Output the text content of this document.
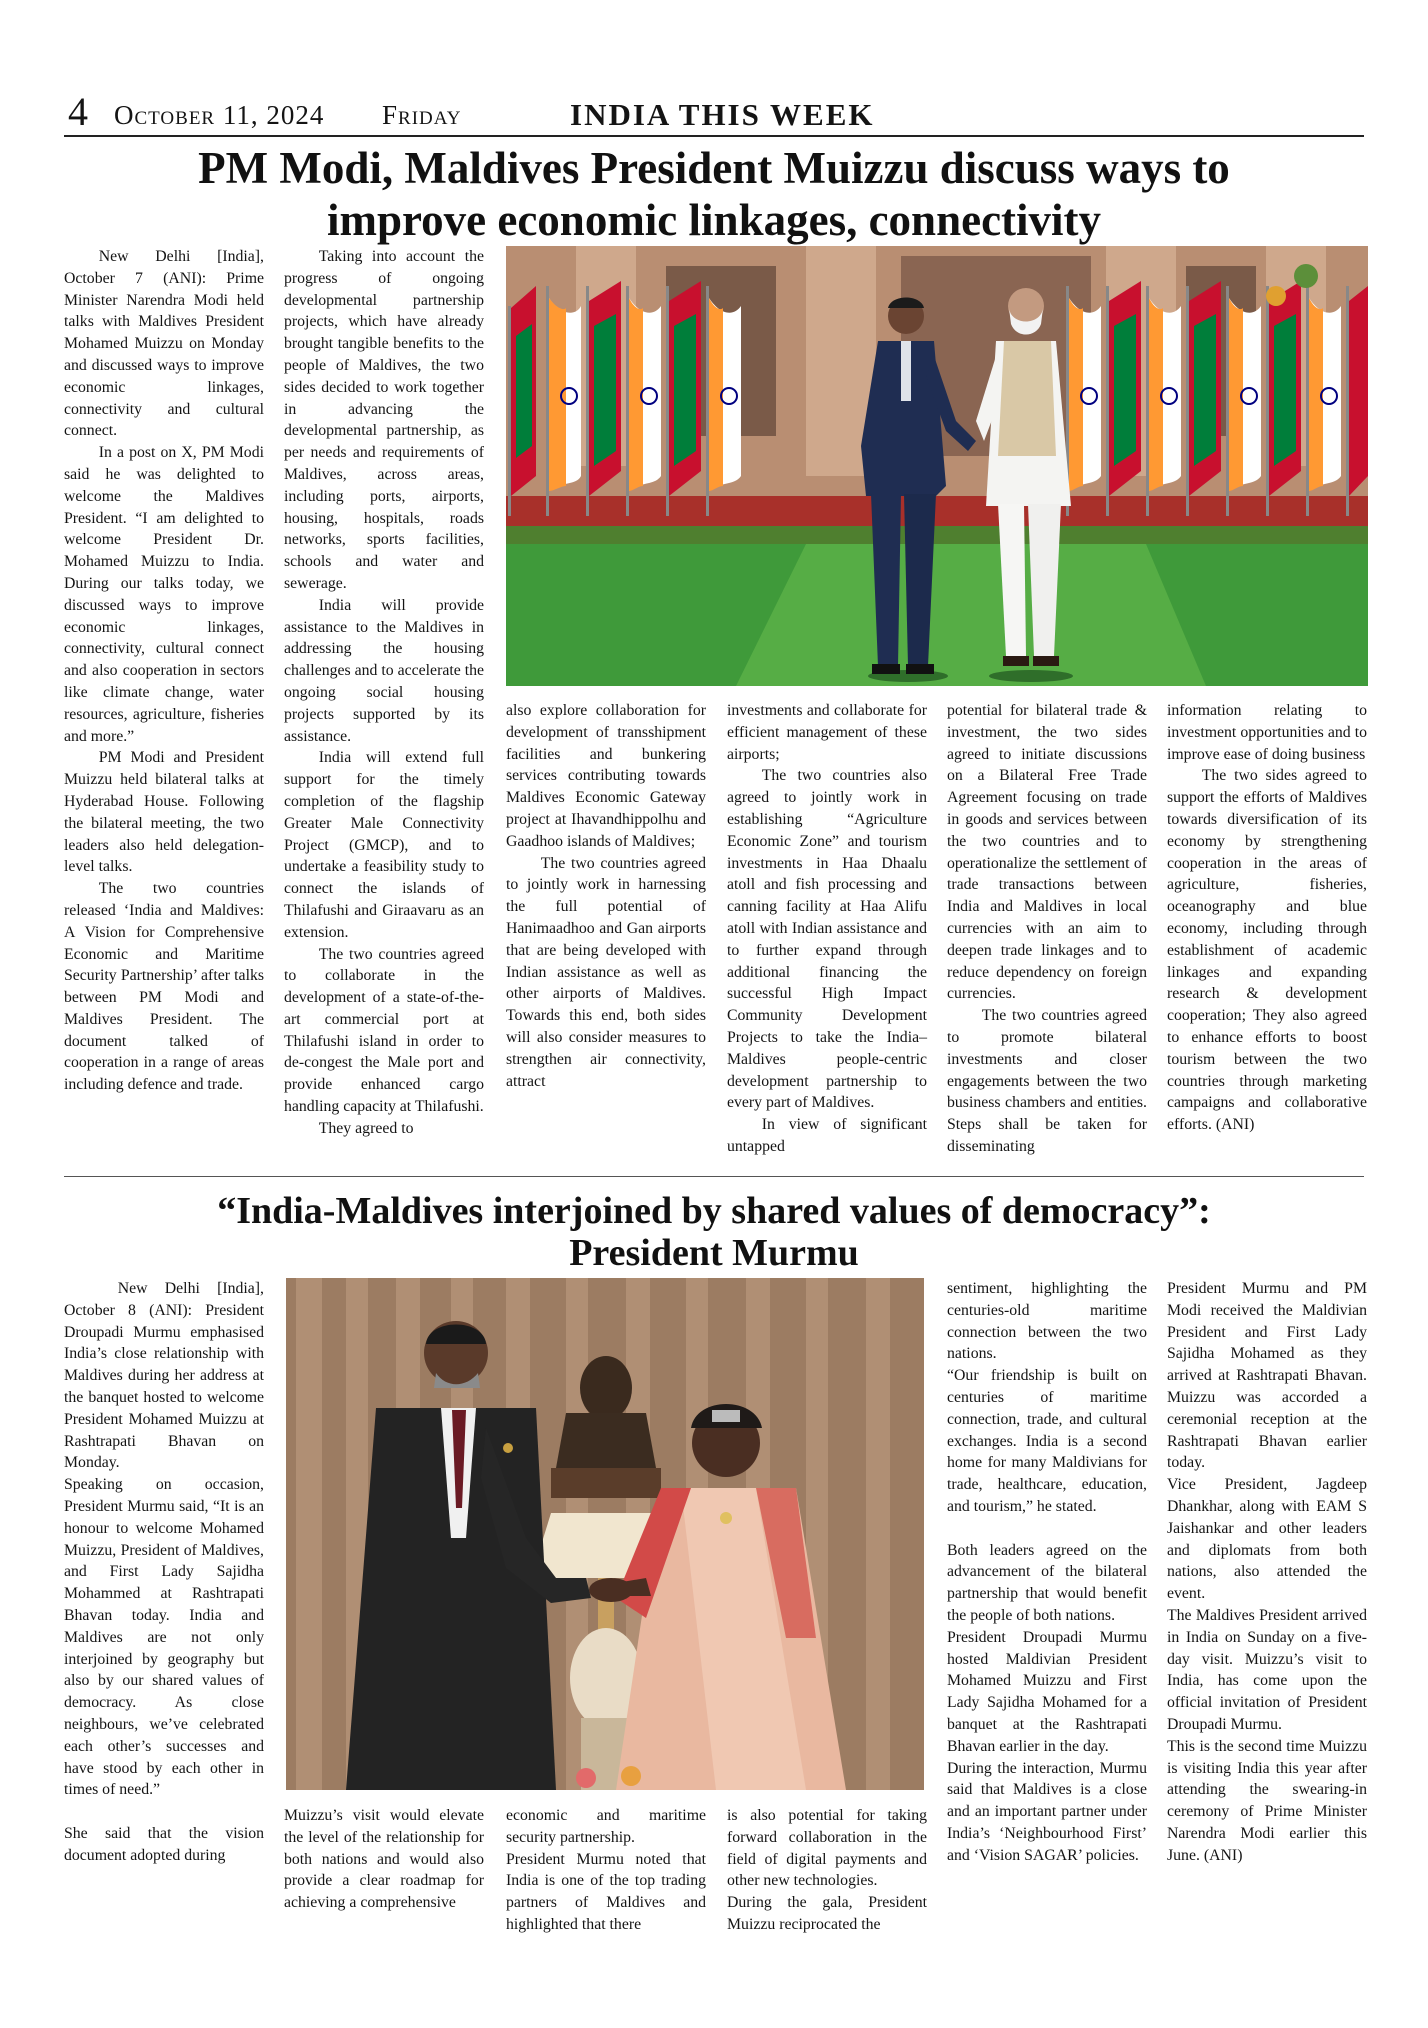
4 October 11, 2024 Friday	INDIA THIS WEEK
PM Modi, Maldives President Muizzu discuss ways to
improve economic linkages, connectivity

New Delhi [India], October 7 (ANI): Prime Minister Narendra Modi held talks with Maldives President Mohamed Muizzu on Monday and discussed ways to improve economic linkages, connectivity and cultural connect.

In a post on X, PM Modi said he was delighted to welcome the Maldives President. “I am delighted to welcome President Dr. Mohamed Muizzu to India. During our talks today, we discussed ways to improve economic linkages, connectivity, cultural connect and also cooperation in sectors like climate change, water resources, agriculture, fisheries and more.”

PM Modi and President Muizzu held bilateral talks at Hyderabad House. Following the bilateral meeting, the two leaders also held delegation-level talks.

The two countries released ‘India and Maldives: A Vision for Comprehensive Economic and Maritime Security Partnership’ after talks between PM Modi and Maldives President. The document talked of cooperation in a range of areas including defence and trade.

Taking into account the progress of ongoing developmental partnership projects, which have already brought tangible benefits to the people of Maldives, the two sides decided to work together in advancing the developmental partnership, as per needs and requirements of Maldives, across areas, including ports, airports, housing, hospitals, roads networks, sports facilities, schools and water and sewerage.

India will provide assistance to the Maldives in addressing the housing challenges and to accelerate the ongoing social housing projects supported by its assistance.

India will extend full support for the timely completion of the flagship Greater Male Connectivity Project (GMCP), and to undertake a feasibility study to connect the islands of Thilafushi and Giraavaru as an extension.

The two countries agreed to collaborate in the development of a state-of-the-art commercial port at Thilafushi island in order to de-congest the Male port and provide enhanced cargo handling capacity at Thilafushi.

They agreed to

also explore collaboration for development of transshipment facilities and bunkering services contributing towards Maldives Economic Gateway project at Ihavandhippolhu and Gaadhoo islands of Maldives;

The two countries agreed to jointly work in harnessing the full potential of Hanimaadhoo and Gan airports that are being developed with Indian assistance as well as other airports of Maldives. Towards this end, both sides will also consider measures to strengthen air connectivity, attract

investments and collaborate for efficient management of these airports;

The two countries also agreed to jointly work in establishing “Agriculture Economic Zone” and tourism investments in Haa Dhaalu atoll and fish processing and canning facility at Haa Alifu atoll with Indian assistance and to further expand through additional financing the successful High Impact Community Development Projects to take the India–Maldives people-centric development partnership to every part of Maldives.

In view of significant untapped

potential for bilateral trade & investment, the two sides agreed to initiate discussions on a Bilateral Free Trade Agreement focusing on trade in goods and services between the two countries and to operationalize the settlement of trade transactions between India and Maldives in local currencies with an aim to deepen trade linkages and to reduce dependency on foreign currencies.

The two countries agreed to promote bilateral investments and closer engagements between the two business chambers and entities. Steps shall be taken for disseminating

information relating to investment opportunities and to improve ease of doing business

The two sides agreed to support the efforts of Maldives towards diversification of its economy by strengthening cooperation in the areas of agriculture, fisheries, oceanography and blue economy, including through establishment of academic linkages and expanding research & development cooperation; They also agreed to enhance efforts to boost tourism between the two countries through marketing campaigns and collaborative efforts. (ANI)

“India-Maldives interjoined by shared values of democracy”:
President Murmu

New Delhi [India], October 8 (ANI): President Droupadi Murmu emphasised India’s close relationship with Maldives during her address at the banquet hosted to welcome President Mohamed Muizzu at Rashtrapati Bhavan on Monday.

Speaking on occasion, President Murmu said, “It is an honour to welcome Mohamed Muizzu, President of Maldives, and First Lady Sajidha Mohammed at Rashtrapati Bhavan today. India and Maldives are not only interjoined by geography but also by our shared values of democracy. As close neighbours, we’ve celebrated each other’s successes and have stood by each other in times of need.”

She said that the vision document adopted during

Muizzu’s visit would elevate the level of the relationship for both nations and would also provide a clear roadmap for achieving a comprehensive

economic and maritime security partnership.

President Murmu noted that India is one of the top trading partners of Maldives and highlighted that there

is also potential for taking forward collaboration in the field of digital payments and other new technologies.

During the gala, President Muizzu reciprocated the

sentiment, highlighting the centuries-old maritime connection between the two nations.

“Our friendship is built on centuries of maritime connection, trade, and cultural exchanges. India is a second home for many Maldivians for trade, healthcare, education, and tourism,” he stated.

Both leaders agreed on the advancement of the bilateral partnership that would benefit the people of both nations.

President Droupadi Murmu hosted Maldivian President Mohamed Muizzu and First Lady Sajidha Mohamed for a banquet at the Rashtrapati Bhavan earlier in the day.

During the interaction, Murmu said that Maldives is a close and an important partner under India’s ‘Neighbourhood First’ and ‘Vision SAGAR’ policies.

President Murmu and PM Modi received the Maldivian President and First Lady Sajidha Mohamed as they arrived at Rashtrapati Bhavan. Muizzu was accorded a ceremonial reception at the Rashtrapati Bhavan earlier today.

Vice President, Jagdeep Dhankhar, along with EAM S Jaishankar and other leaders and diplomats from both nations, also attended the event.

The Maldives President arrived in India on Sunday on a five-day visit. Muizzu’s visit to India, has come upon the official invitation of President Droupadi Murmu.

This is the second time Muizzu is visiting India this year after attending the swearing-in ceremony of Prime Minister Narendra Modi earlier this June. (ANI)
